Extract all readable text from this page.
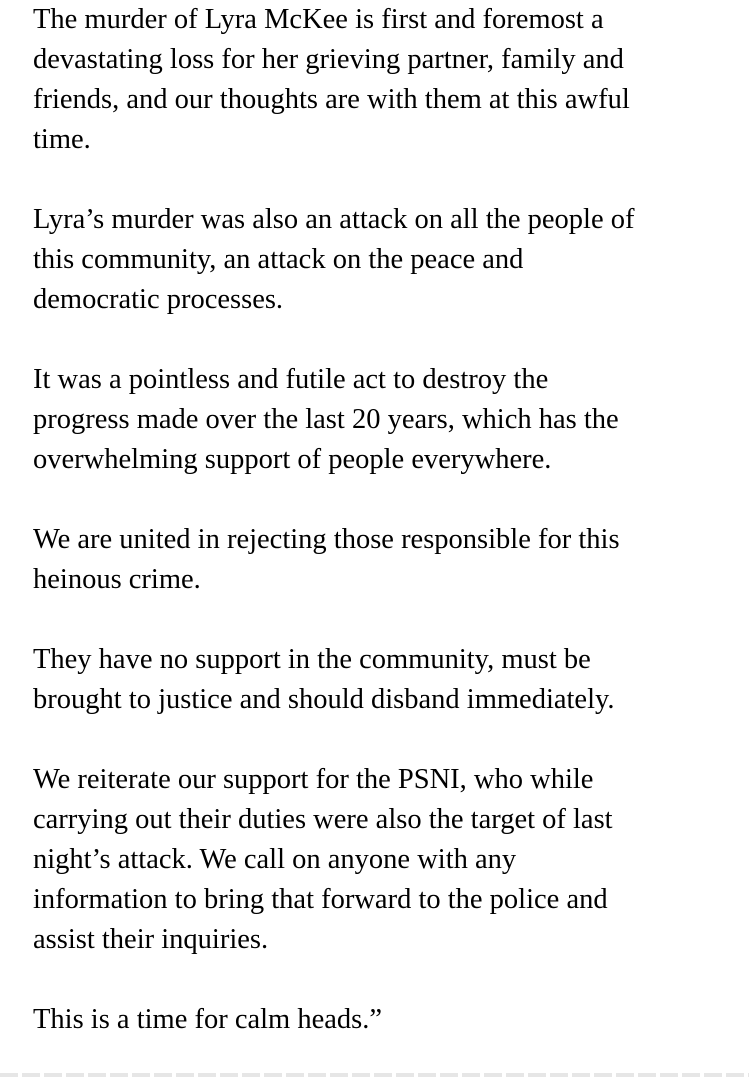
The murder of Lyra McKee is first and foremost a
devastating loss for her grieving partner, family and
friends, and our thoughts are with them at this awful
time.

Lyra’s murder was also an attack on all the people of
this community, an attack on the peace and
democratic processes.

It was a pointless and futile act to destroy the
progress made over the last 20 years, which has the
overwhelming support of people everywhere.

We are united in rejecting those responsible for this
heinous crime.

They have no support in the community, must be
brought to justice and should disband immediately.

We reiterate our support for the PSNI, who while
carrying out their duties were also the target of last
night’s attack. We call on anyone with any
information to bring that forward to the police and
assist their inquiries.

This is a time for calm heads.”
